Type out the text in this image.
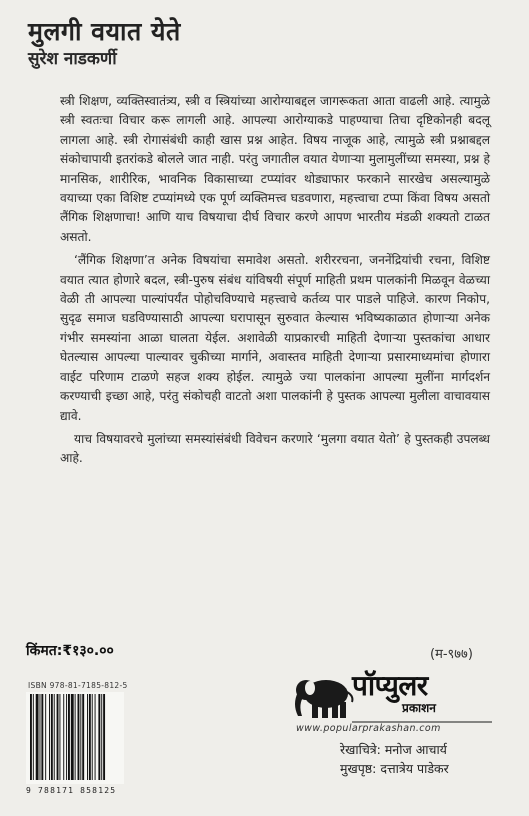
मुलगी वयात येते
सुरेश नाडकर्णी

स्त्री शिक्षण, व्यक्तिस्वातंत्र्य, स्त्री व स्त्रियांच्या आरोग्याबद्दल जागरूकता आता वाढली आहे. त्यामुळे स्त्री स्वतःचा विचार करू लागली आहे. आपल्या आरोग्याकडे पाहण्याचा तिचा दृष्टिकोनही बदलू लागला आहे. स्त्री रोगासंबंधी काही खास प्रश्न आहेत. विषय नाजूक आहे, त्यामुळे स्त्री प्रश्नाबद्दल संकोचापायी इतरांकडे बोलले जात नाही. परंतु जगातील वयात येणाऱ्या मुलामुलींच्या समस्या, प्रश्न हे मानसिक, शारीरिक, भावनिक विकासाच्या टप्प्यांवर थोड्याफार फरकाने सारखेच असल्यामुळे वयाच्या एका विशिष्ट टप्प्यांमध्ये एक पूर्ण व्यक्तिमत्त्व घडवणारा, महत्त्वाचा टप्पा किंवा विषय असतो लैंगिक शिक्षणाचा! आणि याच विषयाचा दीर्घ विचार करणे आपण भारतीय मंडळी शक्यतो टाळत असतो.

‘लैंगिक शिक्षणा’त अनेक विषयांचा समावेश असतो. शरीररचना, जननेंद्रियांची रचना, विशिष्ट वयात त्यात होणारे बदल, स्त्री-पुरुष संबंध यांविषयी संपूर्ण माहिती प्रथम पालकांनी मिळवून वेळच्या वेळी ती आपल्या पाल्यांपर्यंत पोहोचविण्याचे महत्त्वाचे कर्तव्य पार पाडले पाहिजे. कारण निकोप, सुदृढ समाज घडविण्यासाठी आपल्या घरापासून सुरुवात केल्यास भविष्यकाळात होणाऱ्या अनेक गंभीर समस्यांना आळा घालता येईल. अशावेळी याप्रकारची माहिती देणाऱ्या पुस्तकांचा आधार घेतल्यास आपल्या पाल्यावर चुकीच्या मार्गाने, अवास्तव माहिती देणाऱ्या प्रसारमाध्यमांचा होणारा वाईट परिणाम टाळणे सहज शक्य होईल. त्यामुळे ज्या पालकांना आपल्या मुलींना मार्गदर्शन करण्याची इच्छा आहे, परंतु संकोचही वाटतो अशा पालकांनी हे पुस्तक आपल्या मुलीला वाचावयास द्यावे.

याच विषयावरचे मुलांच्या समस्यांसंबंधी विवेचन करणारे ‘मुलगा वयात येतो’ हे पुस्तकही उपलब्ध आहे.

किंमत:₹१३०.००	(म-९७७)
ISBN 978-81-7185-812-5
9 788171 858125
पॉप्युलर
प्रकाशन
www.popularprakashan.com
रेखाचित्रे: मनोज आचार्य
मुखपृष्ठ: दत्तात्रेय पाडेकर
